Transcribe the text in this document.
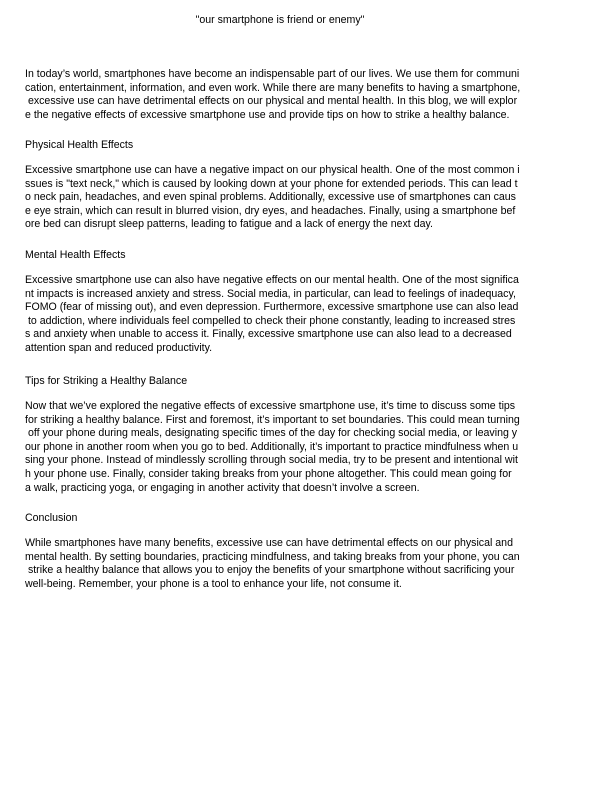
"our smartphone is friend or enemy"
In today’s world, smartphones have become an indispensable part of our lives. We use them for communi
cation, entertainment, information, and even work. While there are many benefits to having a smartphone,
excessive use can have detrimental effects on our physical and mental health. In this blog, we will explor
e the negative effects of excessive smartphone use and provide tips on how to strike a healthy balance.
Physical Health Effects
Excessive smartphone use can have a negative impact on our physical health. One of the most common i
ssues is "text neck," which is caused by looking down at your phone for extended periods. This can lead t
o neck pain, headaches, and even spinal problems. Additionally, excessive use of smartphones can caus
e eye strain, which can result in blurred vision, dry eyes, and headaches. Finally, using a smartphone bef
ore bed can disrupt sleep patterns, leading to fatigue and a lack of energy the next day.
Mental Health Effects
Excessive smartphone use can also have negative effects on our mental health. One of the most significa
nt impacts is increased anxiety and stress. Social media, in particular, can lead to feelings of inadequacy,
FOMO (fear of missing out), and even depression. Furthermore, excessive smartphone use can also lead
to addiction, where individuals feel compelled to check their phone constantly, leading to increased stres
s and anxiety when unable to access it. Finally, excessive smartphone use can also lead to a decreased
attention span and reduced productivity.
Tips for Striking a Healthy Balance
Now that we’ve explored the negative effects of excessive smartphone use, it’s time to discuss some tips
for striking a healthy balance. First and foremost, it’s important to set boundaries. This could mean turning
off your phone during meals, designating specific times of the day for checking social media, or leaving y
our phone in another room when you go to bed. Additionally, it’s important to practice mindfulness when u
sing your phone. Instead of mindlessly scrolling through social media, try to be present and intentional wit
h your phone use. Finally, consider taking breaks from your phone altogether. This could mean going for
a walk, practicing yoga, or engaging in another activity that doesn’t involve a screen.
Conclusion
While smartphones have many benefits, excessive use can have detrimental effects on our physical and
mental health. By setting boundaries, practicing mindfulness, and taking breaks from your phone, you can
strike a healthy balance that allows you to enjoy the benefits of your smartphone without sacrificing your
well-being. Remember, your phone is a tool to enhance your life, not consume it.
